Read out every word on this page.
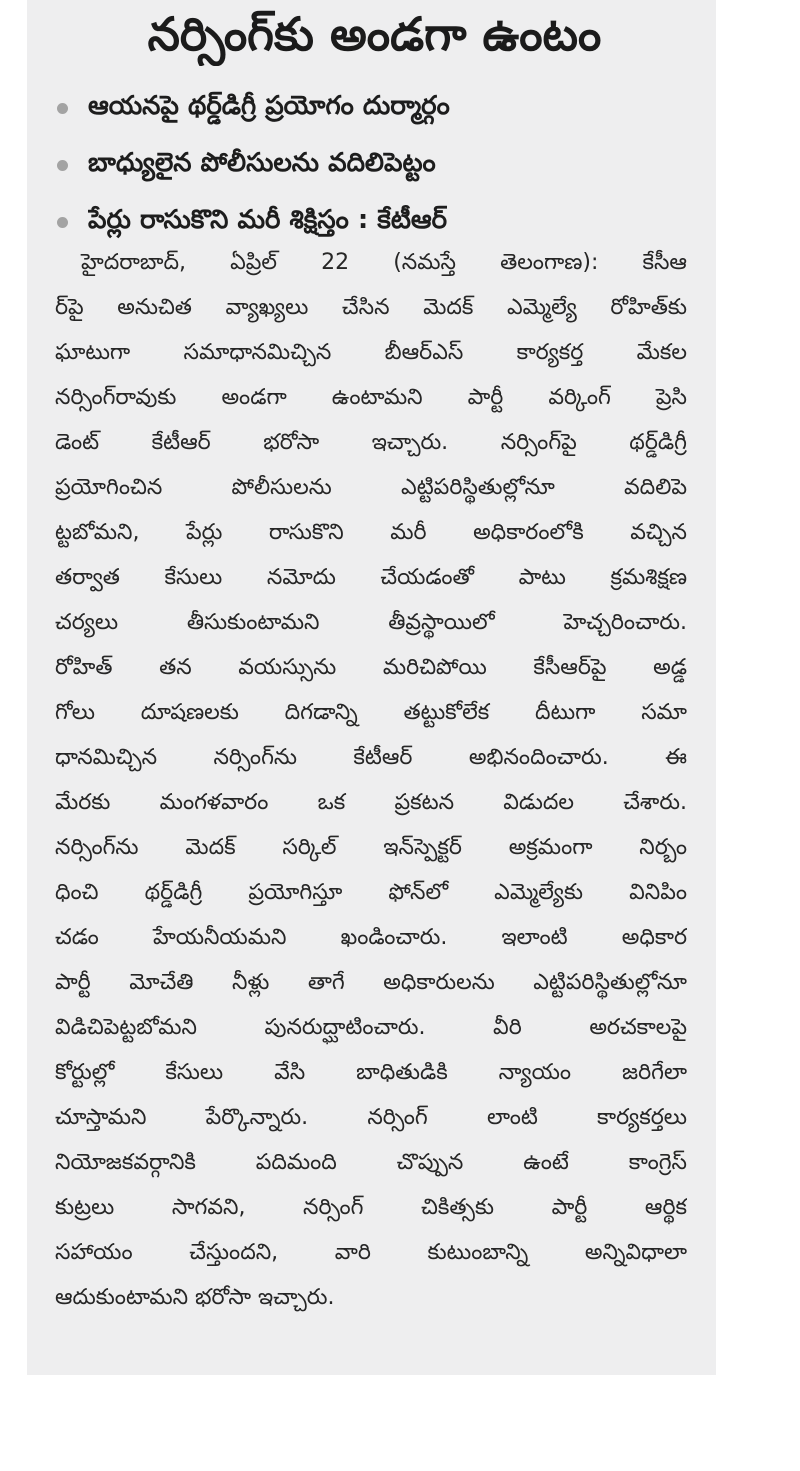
నర్సింగ్‌కు అండగా ఉంటం
ఆయనపై థర్డ్‌డిగ్రీ ప్రయోగం దుర్మార్గం
బాధ్యులైన పోలీసులను వదిలిపెట్టం
పేర్లు రాసుకొని మరీ శిక్షిస్తం : కేటీఆర్
హైదరాబాద్, ఏప్రిల్ 22 (నమస్తే తెలంగాణ): కేసీఆ
ర్‌పై అనుచిత వ్యాఖ్యలు చేసిన మెదక్ ఎమ్మెల్యే రోహిత్‌కు
ఘాటుగా సమాధానమిచ్చిన బీఆర్‌ఎస్ కార్యకర్త మేకల
నర్సింగ్‌రావుకు అండగా ఉంటామని పార్టీ వర్కింగ్ ప్రెసి
డెంట్ కేటీఆర్ భరోసా ఇచ్చారు. నర్సింగ్‌పై థర్డ్‌డిగ్రీ
ప్రయోగించిన పోలీసులను ఎట్టిపరిస్థితుల్లోనూ వదిలిపె
ట్టబోమని, పేర్లు రాసుకొని మరీ అధికారంలోకి వచ్చిన
తర్వాత కేసులు నమోదు చేయడంతో పాటు క్రమశిక్షణ
చర్యలు తీసుకుంటామని తీవ్రస్థాయిలో హెచ్చరించారు.
రోహిత్ తన వయస్సును మరిచిపోయి కేసీఆర్‌పై అడ్డ
గోలు దూషణలకు దిగడాన్ని తట్టుకోలేక దీటుగా సమా
ధానమిచ్చిన నర్సింగ్‌ను కేటీఆర్ అభినందించారు. ఈ
మేరకు మంగళవారం ఒక ప్రకటన విడుదల చేశారు.
నర్సింగ్‌ను మెదక్ సర్కిల్ ఇన్‌స్పెక్టర్ అక్రమంగా నిర్బం
ధించి థర్డ్‌డిగ్రీ ప్రయోగిస్తూ ఫోన్‌లో ఎమ్మెల్యేకు వినిపిం
చడం హేయనీయమని ఖండించారు. ఇలాంటి అధికార
పార్టీ మోచేతి నీళ్లు తాగే అధికారులను ఎట్టిపరిస్థితుల్లోనూ
విడిచిపెట్టబోమని పునరుద్ఘాటించారు. వీరి అరచకాలపై
కోర్టుల్లో కేసులు వేసి బాధితుడికి న్యాయం జరిగేలా
చూస్తామని పేర్కొన్నారు. నర్సింగ్ లాంటి కార్యకర్తలు
నియోజకవర్గానికి పదిమంది చొప్పున ఉంటే కాంగ్రెస్
కుట్రలు సాగవని, నర్సింగ్ చికిత్సకు పార్టీ ఆర్థిక
సహాయం చేస్తుందని, వారి కుటుంబాన్ని అన్నివిధాలా
ఆదుకుంటామని భరోసా ఇచ్చారు.
